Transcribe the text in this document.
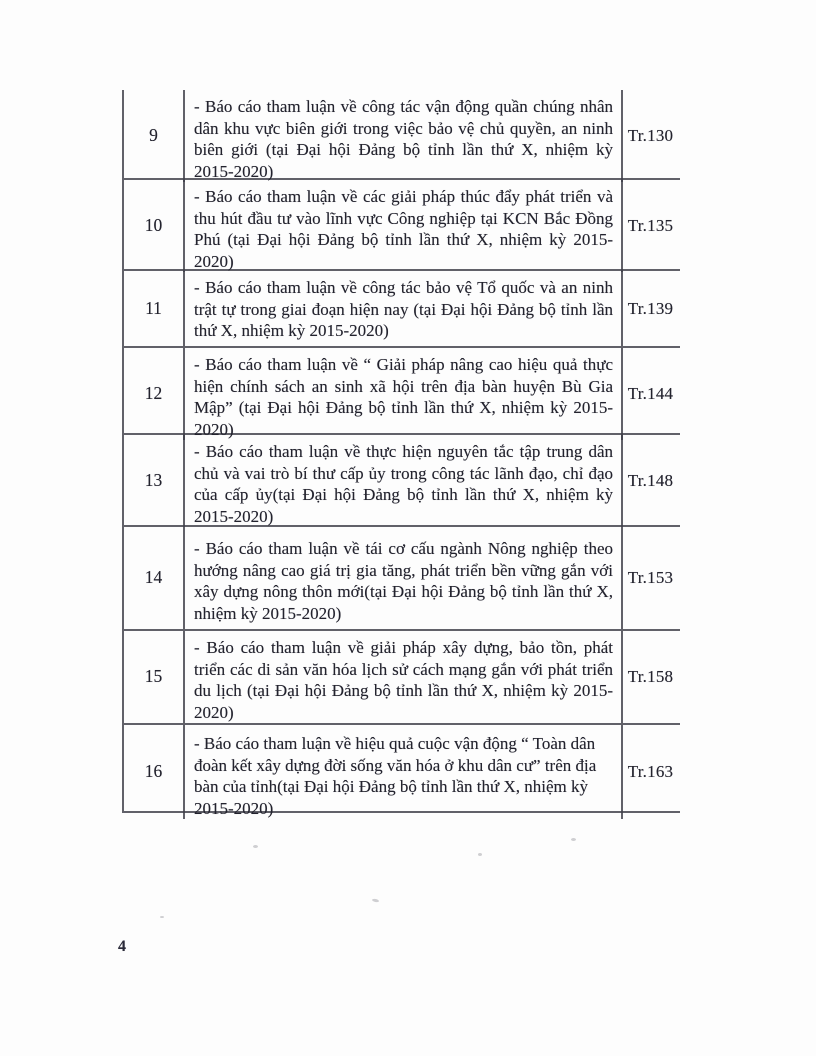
9
- Báo cáo tham luận về công tác vận động quần chúng nhân dân khu vực biên giới trong việc bảo vệ chủ quyền, an ninh biên giới (tại Đại hội Đảng bộ tỉnh lần thứ X, nhiệm kỳ 2015-2020)
Tr.130
10
- Báo cáo tham luận về các giải pháp thúc đẩy phát triển và thu hút đầu tư vào lĩnh vực Công nghiệp tại KCN Bắc Đồng Phú (tại Đại hội Đảng bộ tỉnh lần thứ X, nhiệm kỳ 2015-2020)
Tr.135
11
- Báo cáo tham luận về công tác bảo vệ Tổ quốc và an ninh trật tự trong giai đoạn hiện nay (tại Đại hội Đảng bộ tỉnh lần thứ X, nhiệm kỳ 2015-2020)
Tr.139
12
- Báo cáo tham luận về “ Giải pháp nâng cao hiệu quả thực hiện chính sách an sinh xã hội trên địa bàn huyện Bù Gia Mập” (tại Đại hội Đảng bộ tỉnh lần thứ X, nhiệm kỳ 2015-2020)
Tr.144
13
- Báo cáo tham luận về thực hiện nguyên tắc tập trung dân chủ và vai trò bí thư cấp ủy trong công tác lãnh đạo, chỉ đạo của cấp ủy(tại Đại hội Đảng bộ tỉnh lần thứ X, nhiệm kỳ 2015-2020)
Tr.148
14
- Báo cáo tham luận về tái cơ cấu ngành Nông nghiệp theo hướng nâng cao giá trị gia tăng, phát triển bền vững gắn với xây dựng nông thôn mới(tại Đại hội Đảng bộ tỉnh lần thứ X, nhiệm kỳ 2015-2020)
Tr.153
15
- Báo cáo tham luận về giải pháp xây dựng, bảo tồn, phát triển các di sản văn hóa lịch sử cách mạng gắn với phát triển du lịch (tại Đại hội Đảng bộ tỉnh lần thứ X, nhiệm kỳ 2015-2020)
Tr.158
16
- Báo cáo tham luận về hiệu quả cuộc vận động “ Toàn dân đoàn kết xây dựng đời sống văn hóa ở khu dân cư” trên địa bàn của tỉnh(tại Đại hội Đảng bộ tỉnh lần thứ X, nhiệm kỳ 2015-2020)
Tr.163
4
